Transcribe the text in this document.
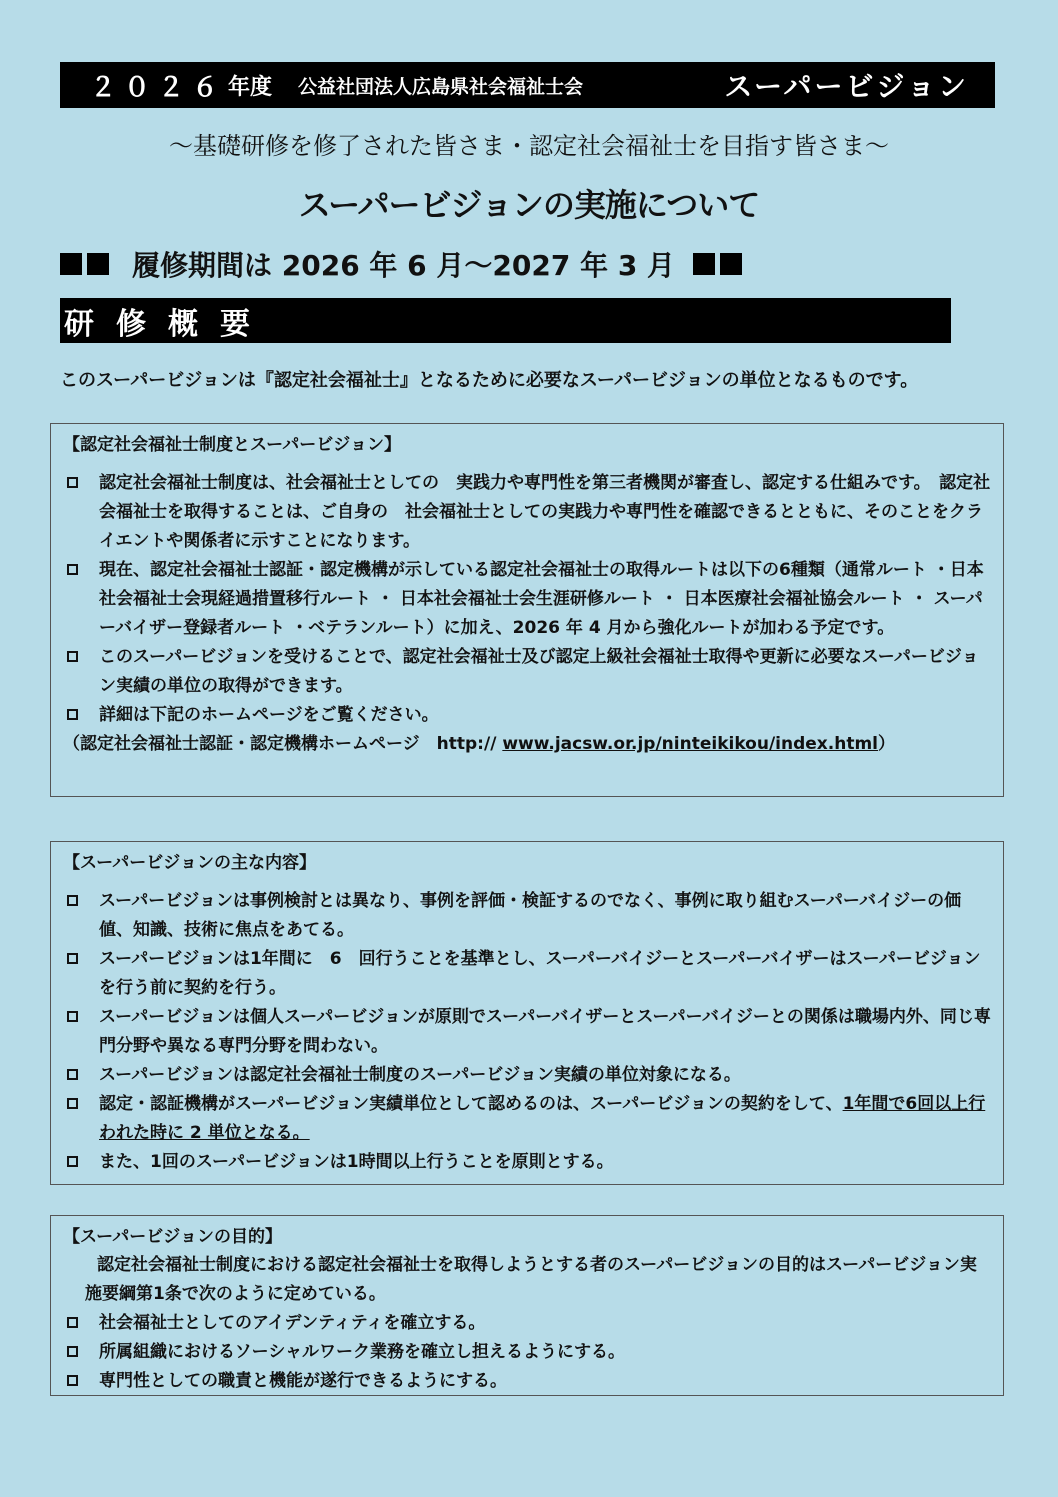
２０２６ 年度 公益社団法人広島県社会福祉士会	スーパービジョン
～基礎研修を修了された皆さま・認定社会福祉士を目指す皆さま～
スーパービジョンの実施について
履修期間は 2026 年 6 月～2027 年 3 月
研修概要
このスーパービジョンは『認定社会福祉士』となるために必要なスーパービジョンの単位となるものです。
【認定社会福祉士制度とスーパービジョン】
認定社会福祉士制度は、社会福祉士としての　実践力や専門性を第三者機関が審査し、認定する仕組みです。　認定社会福祉士を取得することは、ご自身の　社会福祉士としての実践力や専門性を確認できるとともに、そのことをクライエントや関係者に示すことになります。
現在、認定社会福祉士認証・認定機構が示している認定社会福祉士の取得ルートは以下の6種類（通常ルート ・日本社会福祉士会現経過措置移行ルート ・ 日本社会福祉士会生涯研修ルート ・ 日本医療社会福祉協会ルート ・ スーパーバイザー登録者ルート ・ベテランルート）に加え、2026 年 4 月から強化ルートが加わる予定です。
このスーパービジョンを受けることで、認定社会福祉士及び認定上級社会福祉士取得や更新に必要なスーパービジョン実績の単位の取得ができます。
詳細は下記のホームページをご覧ください。
（認定社会福祉士認証・認定機構ホームページ　http:// www.jacsw.or.jp/ninteikikou/index.html）
【スーパービジョンの主な内容】
スーパービジョンは事例検討とは異なり、事例を評価・検証するのでなく、事例に取り組むスーパーバイジーの価値、知識、技術に焦点をあてる。
スーパービジョンは1年間に　6　回行うことを基準とし、スーパーバイジーとスーパーバイザーはスーパービジョンを行う前に契約を行う。
スーパービジョンは個人スーパービジョンが原則でスーパーバイザーとスーパーバイジーとの関係は職場内外、同じ専門分野や異なる専門分野を問わない。
スーパービジョンは認定社会福祉士制度のスーパービジョン実績の単位対象になる。
認定・認証機構がスーパービジョン実績単位として認めるのは、スーパービジョンの契約をして、1年間で6回以上行われた時に 2 単位となる。
また、1回のスーパービジョンは1時間以上行うことを原則とする。
【スーパービジョンの目的】
認定社会福祉士制度における認定社会福祉士を取得しようとする者のスーパービジョンの目的はスーパービジョン実施要綱第1条で次のように定めている。
社会福祉士としてのアイデンティティを確立する。
所属組織におけるソーシャルワーク業務を確立し担えるようにする。
専門性としての職責と機能が遂行できるようにする。
